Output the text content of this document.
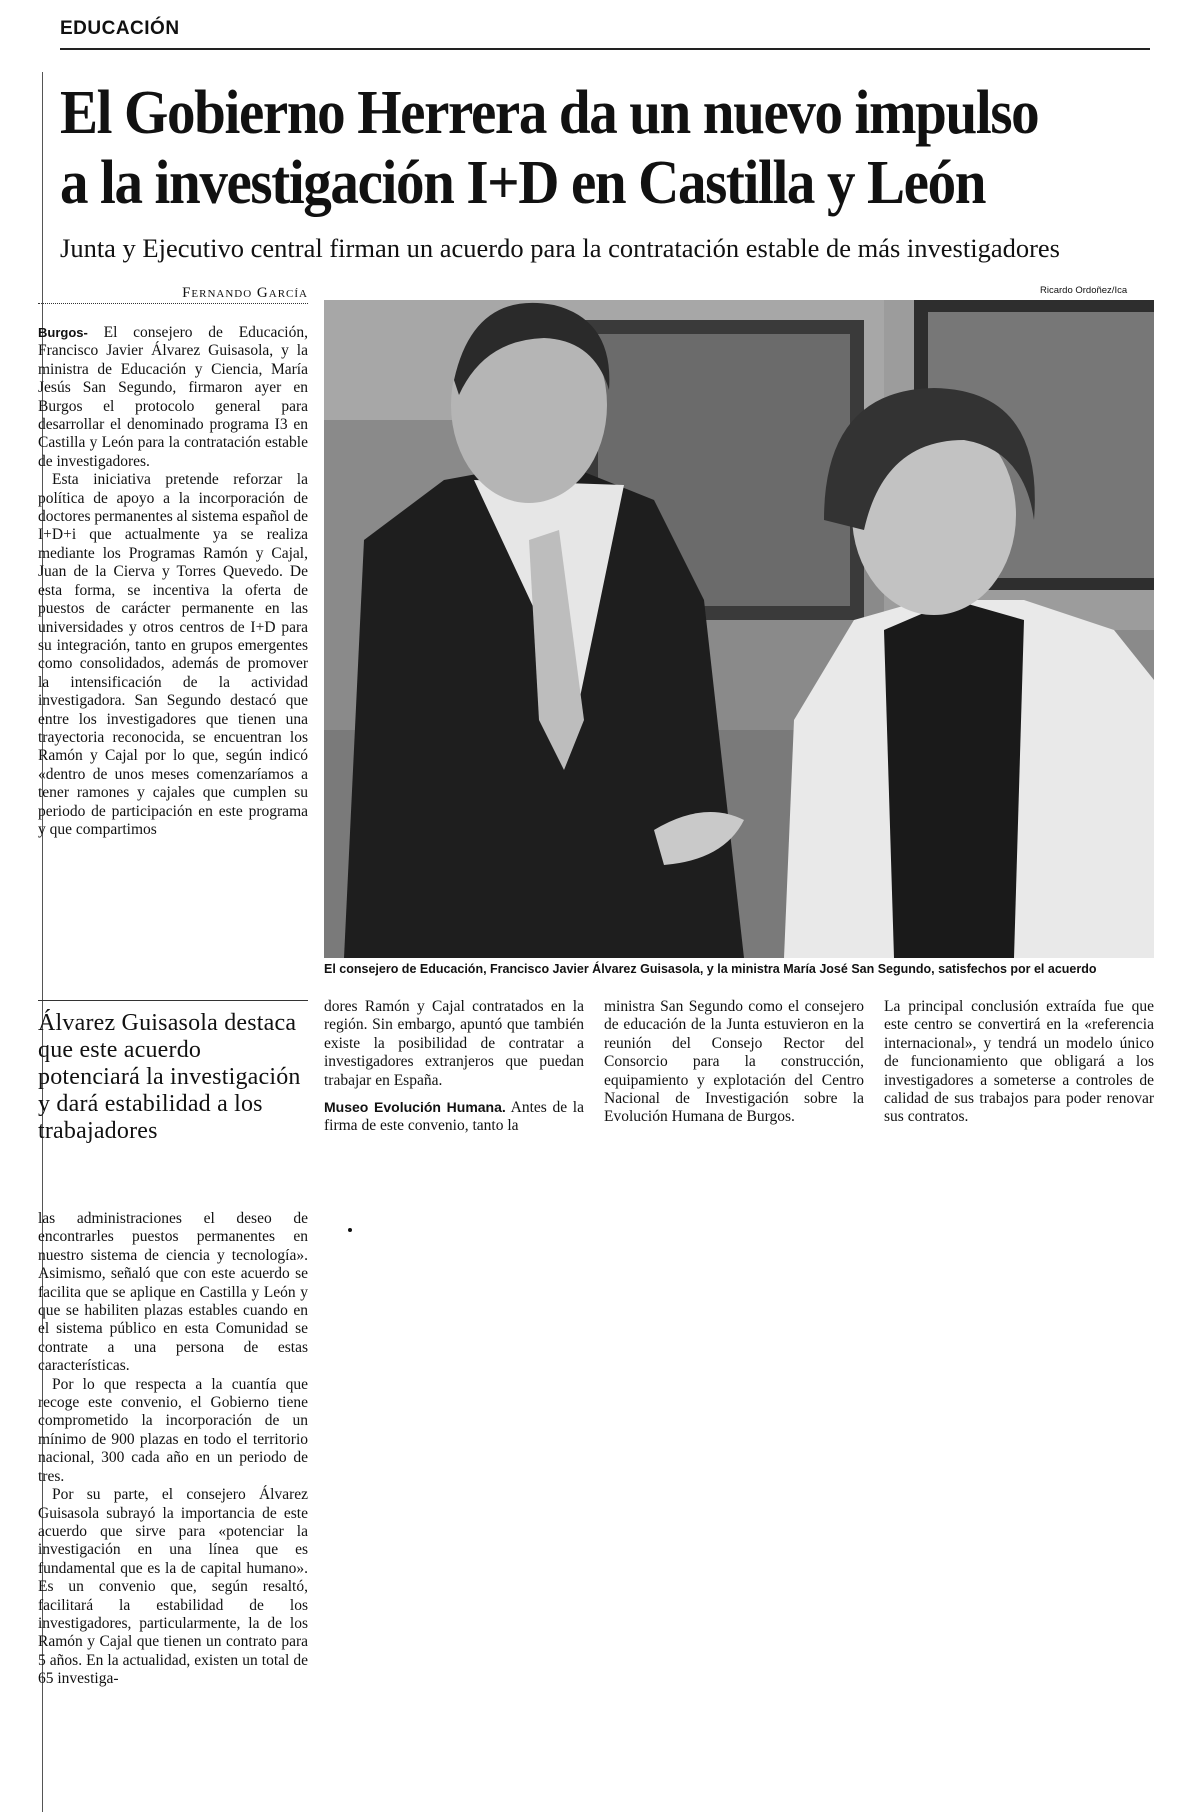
EDUCACIÓN
El Gobierno Herrera da un nuevo impulso
a la investigación I+D en Castilla y León
Junta y Ejecutivo central firman un acuerdo para la contratación estable de más investigadores
Fernando García	Ricardo Ordoñez/Ica

Burgos- El consejero de Educación, Francisco Javier Álvarez Guisasola, y la ministra de Educación y Ciencia, María Jesús San Segundo, firmaron ayer en Burgos el protocolo general para desarrollar el denominado programa I3 en Castilla y León para la contratación estable de investigadores.

Esta iniciativa pretende reforzar la política de apoyo a la incorporación de doctores permanentes al sistema español de I+D+i que actualmente ya se realiza mediante los Programas Ramón y Cajal, Juan de la Cierva y Torres Quevedo. De esta forma, se incentiva la oferta de puestos de carácter permanente en las universidades y otros centros de I+D para su integración, tanto en grupos emergentes como consolidados, además de promover la intensificación de la actividad investigadora. San Segundo destacó que entre los investigadores que tienen una trayectoria reconocida, se encuentran los Ramón y Cajal por lo que, según indicó «dentro de unos meses comenzaríamos a tener ramones y cajales que cumplen su periodo de participación en este programa y que compartimos

Álvarez Guisasola destaca que este acuerdo potenciará la investigación y dará estabilidad a los trabajadores

las administraciones el deseo de encontrarles puestos permanentes en nuestro sistema de ciencia y tecnología». Asimismo, señaló que con este acuerdo se facilita que se aplique en Castilla y León y que se habiliten plazas estables cuando en el sistema público en esta Comunidad se contrate a una persona de estas características.

Por lo que respecta a la cuantía que recoge este convenio, el Gobierno tiene comprometido la incorporación de un mínimo de 900 plazas en todo el territorio nacional, 300 cada año en un periodo de tres.

Por su parte, el consejero Álvarez Guisasola subrayó la importancia de este acuerdo que sirve para «potenciar la investigación en una línea que es fundamental que es la de capital humano». Es un convenio que, según resaltó, facilitará la estabilidad de los investigadores, particularmente, la de los Ramón y Cajal que tienen un contrato para 5 años. En la actualidad, existen un total de 65 investiga-

El consejero de Educación, Francisco Javier Álvarez Guisasola, y la ministra María José San Segundo, satisfechos por el acuerdo

dores Ramón y Cajal contratados en la región. Sin embargo, apuntó que también existe la posibilidad de contratar a investigadores extranjeros que puedan trabajar en España.

Museo Evolución Humana. Antes de la firma de este convenio, tanto la

ministra San Segundo como el consejero de educación de la Junta estuvieron en la reunión del Consejo Rector del Consorcio para la construcción, equipamiento y explotación del Centro Nacional de Investigación sobre la Evolución Humana de Burgos.

La principal conclusión extraída fue que este centro se convertirá en la «referencia internacional», y tendrá un modelo único de funcionamiento que obligará a los investigadores a someterse a controles de calidad de sus trabajos para poder renovar sus contratos.
